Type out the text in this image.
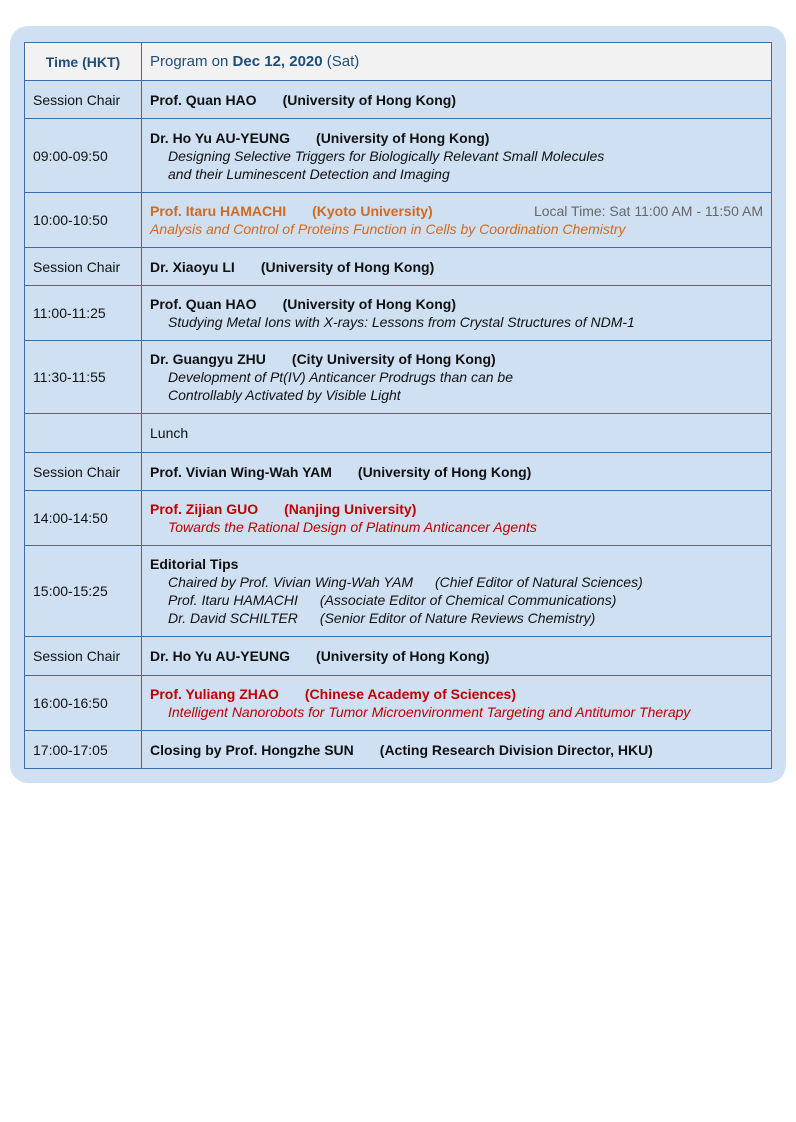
Time (HKT)	Program on Dec 12, 2020 (Sat)
Session Chair	Prof. Quan HAO (University of Hong Kong)
09:00-09:50	Dr. Ho Yu AU-YEUNG (University of Hong Kong)
Designing Selective Triggers for Biologically Relevant Small Molecules
and their Luminescent Detection and Imaging

10:00-10:50	Prof. Itaru HAMACHI (Kyoto University) Local Time: Sat 11:00 AM - 11:50 AM
Analysis and Control of Proteins Function in Cells by Coordination Chemistry

Session Chair	Dr. Xiaoyu LI (University of Hong Kong)
11:00-11:25	Prof. Quan HAO (University of Hong Kong)
Studying Metal Ions with X-rays: Lessons from Crystal Structures of NDM-1

11:30-11:55	Dr. Guangyu ZHU (City University of Hong Kong)
Development of Pt(IV) Anticancer Prodrugs than can be
Controllably Activated by Visible Light

	Lunch
Session Chair	Prof. Vivian Wing-Wah YAM (University of Hong Kong)
14:00-14:50	Prof. Zijian GUO (Nanjing University)
Towards the Rational Design of Platinum Anticancer Agents

15:00-15:25	Editorial Tips
Chaired by Prof. Vivian Wing-Wah YAM (Chief Editor of Natural Sciences)
Prof. Itaru HAMACHI (Associate Editor of Chemical Communications)
Dr. David SCHILTER (Senior Editor of Nature Reviews Chemistry)

Session Chair	Dr. Ho Yu AU-YEUNG (University of Hong Kong)
16:00-16:50	Prof. Yuliang ZHAO (Chinese Academy of Sciences)
Intelligent Nanorobots for Tumor Microenvironment Targeting and Antitumor Therapy

17:00-17:05	Closing by Prof. Hongzhe SUN (Acting Research Division Director, HKU)
